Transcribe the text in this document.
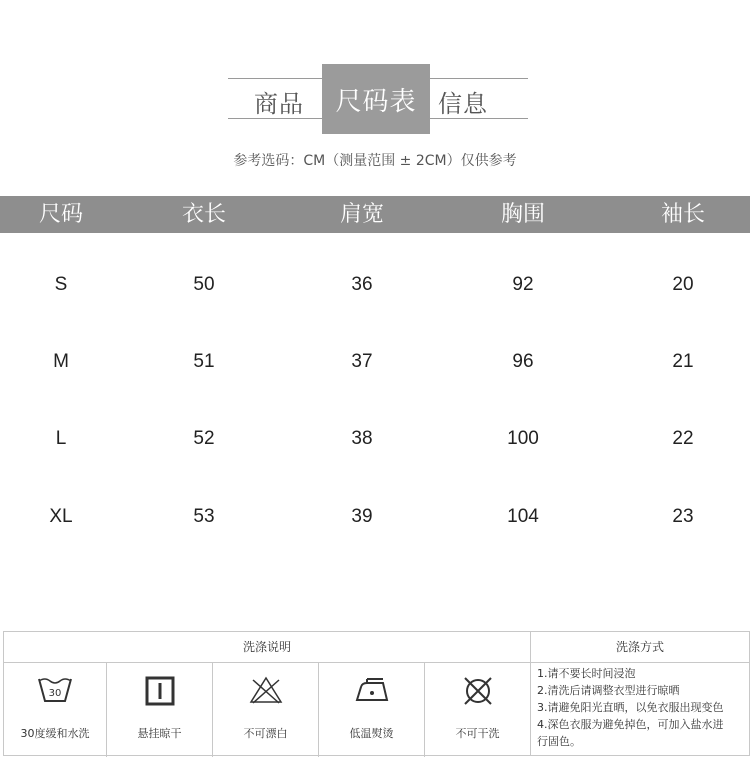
商品	尺码表 信息
参考选码：CM（测量范围 ± 2CM）仅供参考
尺码	衣长	肩宽	胸围	袖长
S	50	36	92	20
M	51	37	96	21
L	52	38	100	22
XL	53	39	104	23
洗涤说明
30
30度缓和水洗	悬挂晾干	不可漂白	低温熨烫	不可干洗
洗涤方式
1.请不要长时间浸泡
2.清洗后请调整衣型进行晾晒
3.请避免阳光直晒，以免衣服出现变色
4.深色衣服为避免掉色，可加入盐水进
行固色。
